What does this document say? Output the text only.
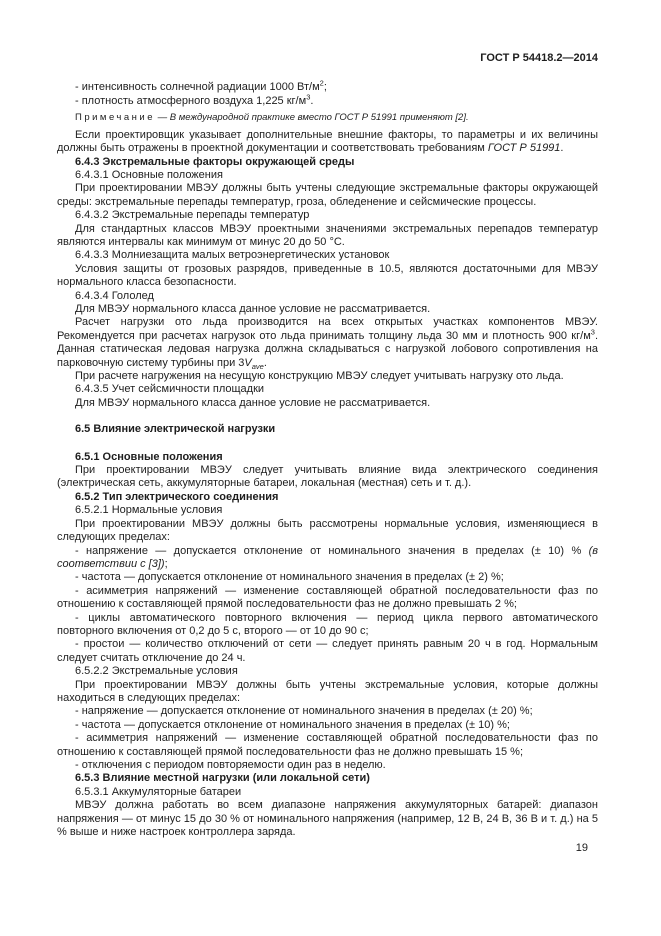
ГОСТ Р 54418.2—2014

- интенсивность солнечной радиации 1000 $Вт/м^2$;

- плотность атмосферного воздуха 1,225 $кг/м^3$.

Примечание — В международной практике вместо ГОСТ Р 51991 применяют [2].

Если проектировщик указывает дополнительные внешние факторы, то параметры и их величины должны быть отражены в проектной документации и соответствовать требованиям ГОСТ Р 51991.

6.4.3 Экстремальные факторы окружающей среды

6.4.3.1 Основные положения

При проектировании МВЭУ должны быть учтены следующие экстремальные факторы окружающей среды: экстремальные перепады температур, гроза, обледенение и сейсмические процессы.

6.4.3.2 Экстремальные перепады температур

Для стандартных классов МВЭУ проектными значениями экстремальных перепадов температур являются интервалы как минимум от минус 20 до 50 °С.

6.4.3.3 Молниезащита малых ветроэнергетических установок

Условия защиты от грозовых разрядов, приведенные в 10.5, являются достаточными для МВЭУ нормального класса безопасности.

6.4.3.4 Гололед

Для МВЭУ нормального класса данное условие не рассматривается.

Расчет нагрузки ото льда производится на всех открытых участках компонентов МВЭУ. Рекомендуется при расчетах нагрузок ото льда принимать толщину льда 30 мм и плотность 900 $кг/м^3$. Данная статическая ледовая нагрузка должна складываться с нагрузкой лобового сопротивления на парковочную систему турбины при $3V_{ave}$.

При расчете нагружения на несущую конструкцию МВЭУ следует учитывать нагрузку ото льда.

6.4.3.5 Учет сейсмичности площадки

Для МВЭУ нормального класса данное условие не рассматривается.

6.5 Влияние электрической нагрузки

6.5.1 Основные положения

При проектировании МВЭУ следует учитывать влияние вида электрического соединения (электрическая сеть, аккумуляторные батареи, локальная (местная) сеть и т. д.).

6.5.2 Тип электрического соединения

6.5.2.1 Нормальные условия

При проектировании МВЭУ должны быть рассмотрены нормальные условия, изменяющиеся в следующих пределах:

- напряжение — допускается отклонение от номинального значения в пределах (± 10) % (в соответствии с [3]);

- частота — допускается отклонение от номинального значения в пределах (± 2) %;

- асимметрия напряжений — изменение составляющей обратной последовательности фаз по отношению к составляющей прямой последовательности фаз не должно превышать 2 %;

- циклы автоматического повторного включения — период цикла первого автоматического повторного включения от 0,2 до 5 с, второго — от 10 до 90 с;

- простои — количество отключений от сети — следует принять равным 20 ч в год. Нормальным следует считать отключение до 24 ч.

6.5.2.2 Экстремальные условия

При проектировании МВЭУ должны быть учтены экстремальные условия, которые должны находиться в следующих пределах:

- напряжение — допускается отклонение от номинального значения в пределах (± 20) %;

- частота — допускается отклонение от номинального значения в пределах (± 10) %;

- асимметрия напряжений — изменение составляющей обратной последовательности фаз по отношению к составляющей прямой последовательности фаз не должно превышать 15 %;

- отключения с периодом повторяемости один раз в неделю.

6.5.3 Влияние местной нагрузки (или локальной сети)

6.5.3.1 Аккумуляторные батареи

МВЭУ должна работать во всем диапазоне напряжения аккумуляторных батарей: диапазон напряжения — от минус 15 до 30 % от номинального напряжения (например, 12 В, 24 В, 36 В и т. д.) на 5 % выше и ниже настроек контроллера заряда.

19
